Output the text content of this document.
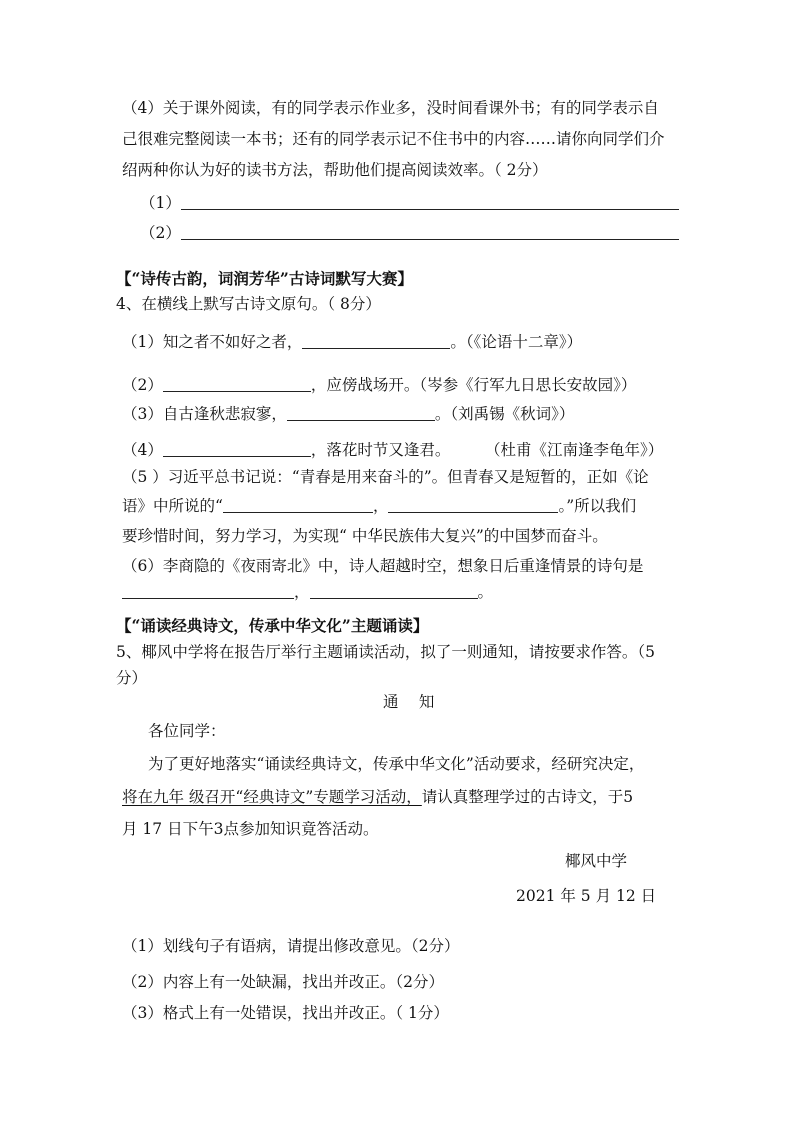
（4）关于课外阅读，有的同学表示作业多，没时间看课外书；有的同学表示自
己很难完整阅读一本书；还有的同学表示记不住书中的内容……请你向同学们介
绍两种你认为好的读书方法，帮助他们提高阅读效率。（ 2分）
（1）
（2）
【“诗传古韵，词润芳华”古诗词默写大赛】
4、在横线上默写古诗文原句。（ 8分）
（1）知之者不如好之者，	。（《论语十二章》）
（2）	，应傍战场开。（岑参《行军九日思长安故园》）
（3）自古逢秋悲寂寥，	。（刘禹锡《秋词》）
（4）	，落花时节又逢君。 （杜甫《江南逢李龟年》）
（5 ）习近平总书记说：“青春是用来奋斗的”。但青春又是短暂的，正如《论
语》中所说的“	，	。”所以我们
要珍惜时间，努力学习，为实现“ 中华民族伟大复兴”的中国梦而奋斗。
（6）李商隐的《夜雨寄北》中，诗人超越时空，想象日后重逢情景的诗句是
，	。
【“诵读经典诗文，传承中华文化”主题诵读】
5、椰风中学将在报告厅举行主题诵读活动，拟了一则通知，请按要求作答。（5
分）
通　 知
各位同学：
为了更好地落实“诵读经典诗文，传承中华文化”活动要求，经研究决定，
将在九年 级召开“经典诗文”专题学习活动，请认真整理学过的古诗文，于5
月 17 日下午3点参加知识竟答活动。
椰风中学
2021 年 5 月 12 日
（1）划线句子有语病，请提出修改意见。（2分）
（2）内容上有一处缺漏，找出并改正。（2分）
（3）格式上有一处错误，找出并改正。（ 1分）
